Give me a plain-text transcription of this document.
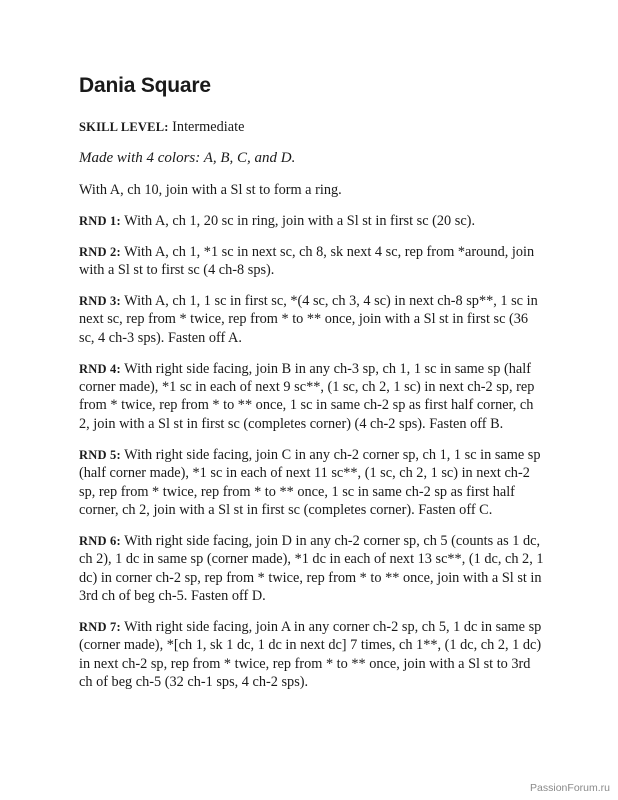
Dania Square

SKILL LEVEL: Intermediate

Made with 4 colors: A, B, C, and D.

With A, ch 10, join with a Sl st to form a ring.

RND 1: With A, ch 1, 20 sc in ring, join with a Sl st in first sc (20 sc).

RND 2: With A, ch 1, *1 sc in next sc, ch 8, sk next 4 sc, rep from *around, join with a Sl st to first sc (4 ch-8 sps).

RND 3: With A, ch 1, 1 sc in first sc, *(4 sc, ch 3, 4 sc) in next ch-8 sp**, 1 sc in next sc, rep from * twice, rep from * to ** once, join with a Sl st in first sc (36 sc, 4 ch-3 sps). Fasten off A.

RND 4: With right side facing, join B in any ch-3 sp, ch 1, 1 sc in same sp (half corner made), *1 sc in each of next 9 sc**, (1 sc, ch 2, 1 sc) in next ch-2 sp, rep from * twice, rep from * to ** once, 1 sc in same ch-2 sp as first half corner, ch 2, join with a Sl st in first sc (completes corner) (4 ch-2 sps). Fasten off B.

RND 5: With right side facing, join C in any ch-2 corner sp, ch 1, 1 sc in same sp (half corner made), *1 sc in each of next 11 sc**, (1 sc, ch 2, 1 sc) in next ch-2 sp, rep from * twice, rep from * to ** once, 1 sc in same ch-2 sp as first half corner, ch 2, join with a Sl st in first sc (completes corner). Fasten off C.

RND 6: With right side facing, join D in any ch-2 corner sp, ch 5 (counts as 1 dc, ch 2), 1 dc in same sp (corner made), *1 dc in each of next 13 sc**, (1 dc, ch 2, 1 dc) in corner ch-2 sp, rep from * twice, rep from * to ** once, join with a Sl st in 3rd ch of beg ch-5. Fasten off D.

RND 7: With right side facing, join A in any corner ch-2 sp, ch 5, 1 dc in same sp (corner made), *[ch 1, sk 1 dc, 1 dc in next dc] 7 times, ch 1**, (1 dc, ch 2, 1 dc) in next ch-2 sp, rep from * twice, rep from * to ** once, join with a Sl st to 3rd ch of beg ch-5 (32 ch-1 sps, 4 ch-2 sps).

PassionForum.ru
